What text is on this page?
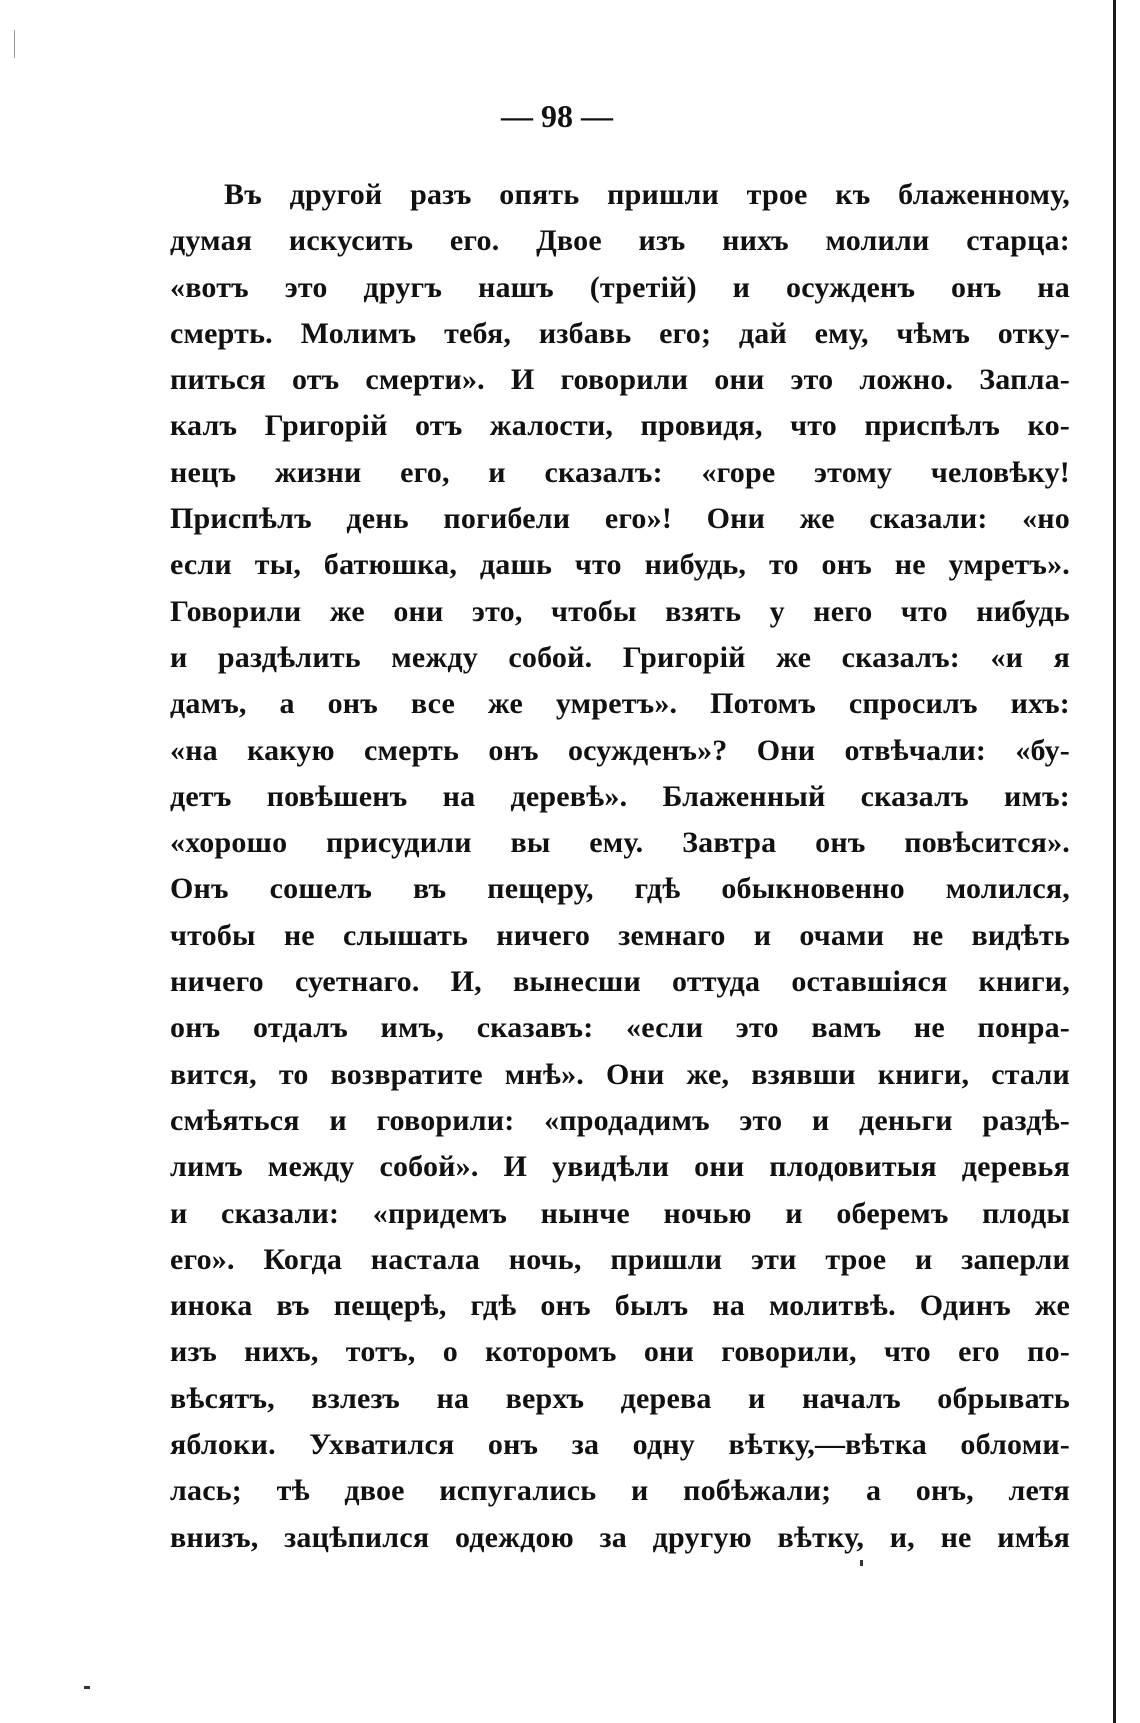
— 98 —
Въ другой разъ опять пришли трое къ блаженному,
думая искусить его. Двое изъ нихъ молили старца:
«вотъ это другъ нашъ (третій) и осужденъ онъ на
смерть. Молимъ тебя, избавь его; дай ему, чѣмъ отку-
питься отъ смерти». И говорили они это ложно. Запла-
калъ Григорій отъ жалости, провидя, что приспѣлъ ко-
нецъ жизни его, и сказалъ: «горе этому человѣку!
Приспѣлъ день погибели его»! Они же сказали: «но
если ты, батюшка, дашь что нибудь, то онъ не умретъ».
Говорили же они это, чтобы взять у него что нибудь
и раздѣлить между собой. Григорій же сказалъ: «и я
дамъ, а онъ все же умретъ». Потомъ спросилъ ихъ:
«на какую смерть онъ осужденъ»? Они отвѣчали: «бу-
детъ повѣшенъ на деревѣ». Блаженный сказалъ имъ:
«хорошо присудили вы ему. Завтра онъ повѣсится».
Онъ сошелъ въ пещеру, гдѣ обыкновенно молился,
чтобы не слышать ничего земнаго и очами не видѣть
ничего суетнаго. И, вынесши оттуда оставшіяся книги,
онъ отдалъ имъ, сказавъ: «если это вамъ не понра-
вится, то возвратите мнѣ». Они же, взявши книги, стали
смѣяться и говорили: «продадимъ это и деньги раздѣ-
лимъ между собой». И увидѣли они плодовитыя деревья
и сказали: «придемъ нынче ночью и оберемъ плоды
его». Когда настала ночь, пришли эти трое и заперли
инока въ пещерѣ, гдѣ онъ былъ на молитвѣ. Одинъ же
изъ нихъ, тотъ, о которомъ они говорили, что его по-
вѣсятъ, взлезъ на верхъ дерева и началъ обрывать
яблоки. Ухватился онъ за одну вѣтку,—вѣтка обломи-
лась; тѣ двое испугались и побѣжали; а онъ, летя
внизъ, зацѣпился одеждою за другую вѣтку, и, не имѣя
